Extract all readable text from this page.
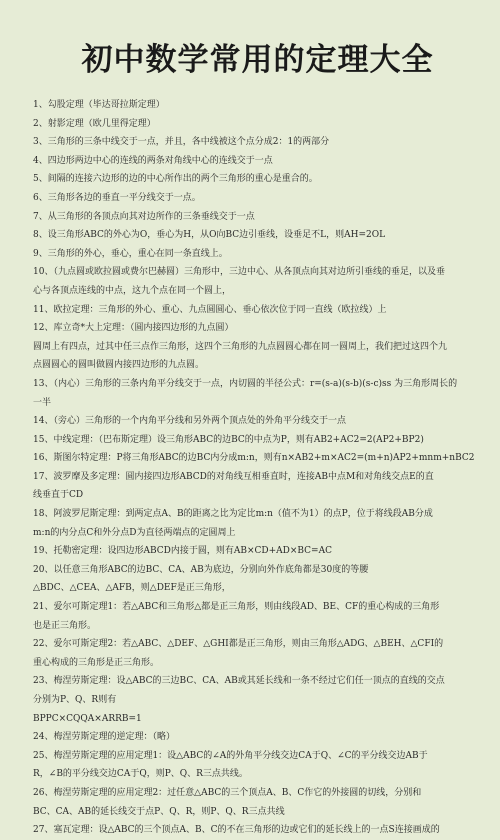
初中数学常用的定理大全
1、勾股定理（毕达哥拉斯定理）
2、射影定理（欧几里得定理）
3、三角形的三条中线交于一点，并且，各中线被这个点分成2：1的两部分
4、四边形两边中心的连线的两条对角线中心的连线交于一点
5、间隔的连接六边形的边的中心所作出的两个三角形的重心是重合的。
6、三角形各边的垂直一平分线交于一点。
7、从三角形的各顶点向其对边所作的三条垂线交于一点
8、设三角形ABC的外心为O，垂心为H，从O向BC边引垂线，设垂足不L，则AH=2OL
9、三角形的外心，垂心，重心在同一条直线上。
10、（九点圆或欧拉圆或费尔巴赫圆）三角形中，三边中心、从各顶点向其对边所引垂线的垂足，以及垂
心与各顶点连线的中点，这九个点在同一个圆上，
11、欧拉定理：三角形的外心、重心、九点圆圆心、垂心依次位于同一直线（欧拉线）上
12、库立奇*大上定理：（圆内接四边形的九点圆）
圆周上有四点，过其中任三点作三角形，这四个三角形的九点圆圆心都在同一圆周上，我们把过这四个九
点圆圆心的圆叫做圆内接四边形的九点圆。
13、（内心）三角形的三条内角平分线交于一点，内切圆的半径公式：r=(s-a)(s-b)(s-c)ss 为三角形周长的
一半
14、（旁心）三角形的一个内角平分线和另外两个顶点处的外角平分线交于一点
15、中线定理：（巴布斯定理）设三角形ABC的边BC的中点为P，则有AB2+AC2=2(AP2+BP2)
16、斯图尔特定理：P将三角形ABC的边BC内分成m:n，则有n×AB2+m×AC2=(m+n)AP2+mnm+nBC2
17、波罗摩及多定理：圆内接四边形ABCD的对角线互相垂直时，连接AB中点M和对角线交点E的直
线垂直于CD
18、阿波罗尼斯定理：到两定点A、B的距离之比为定比m:n（值不为1）的点P，位于将线段AB分成
m:n的内分点C和外分点D为直径两端点的定圆周上
19、托勒密定理：设四边形ABCD内接于圆，则有AB×CD+AD×BC=AC
20、以任意三角形ABC的边BC、CA、AB为底边，分别向外作底角都是30度的等腰
△BDC、△CEA、△AFB，则△DEF是正三角形，
21、爱尔可斯定理1：若△ABC和三角形△都是正三角形，则由线段AD、BE、CF的重心构成的三角形
也是正三角形。
22、爱尔可斯定理2：若△ABC、△DEF、△GHI都是正三角形，则由三角形△ADG、△BEH、△CFI的
重心构成的三角形是正三角形。
23、梅涅劳斯定理：设△ABC的三边BC、CA、AB或其延长线和一条不经过它们任一顶点的直线的交点
分别为P、Q、R则有
BPPC×CQQA×ARRB=1
24、梅涅劳斯定理的逆定理：（略）
25、梅涅劳斯定理的应用定理1：设△ABC的∠A的外角平分线交边CA于Q、∠C的平分线交边AB于
R，∠B的平分线交边CA于Q，则P、Q、R三点共线。
26、梅涅劳斯定理的应用定理2：过任意△ABC的三个顶点A、B、C作它的外接圆的切线，分别和
BC、CA、AB的延长线交于点P、Q、R，则P、Q、R三点共线
27、塞瓦定理：设△ABC的三个顶点A、B、C的不在三角形的边或它们的延长线上的一点S连接画成的
